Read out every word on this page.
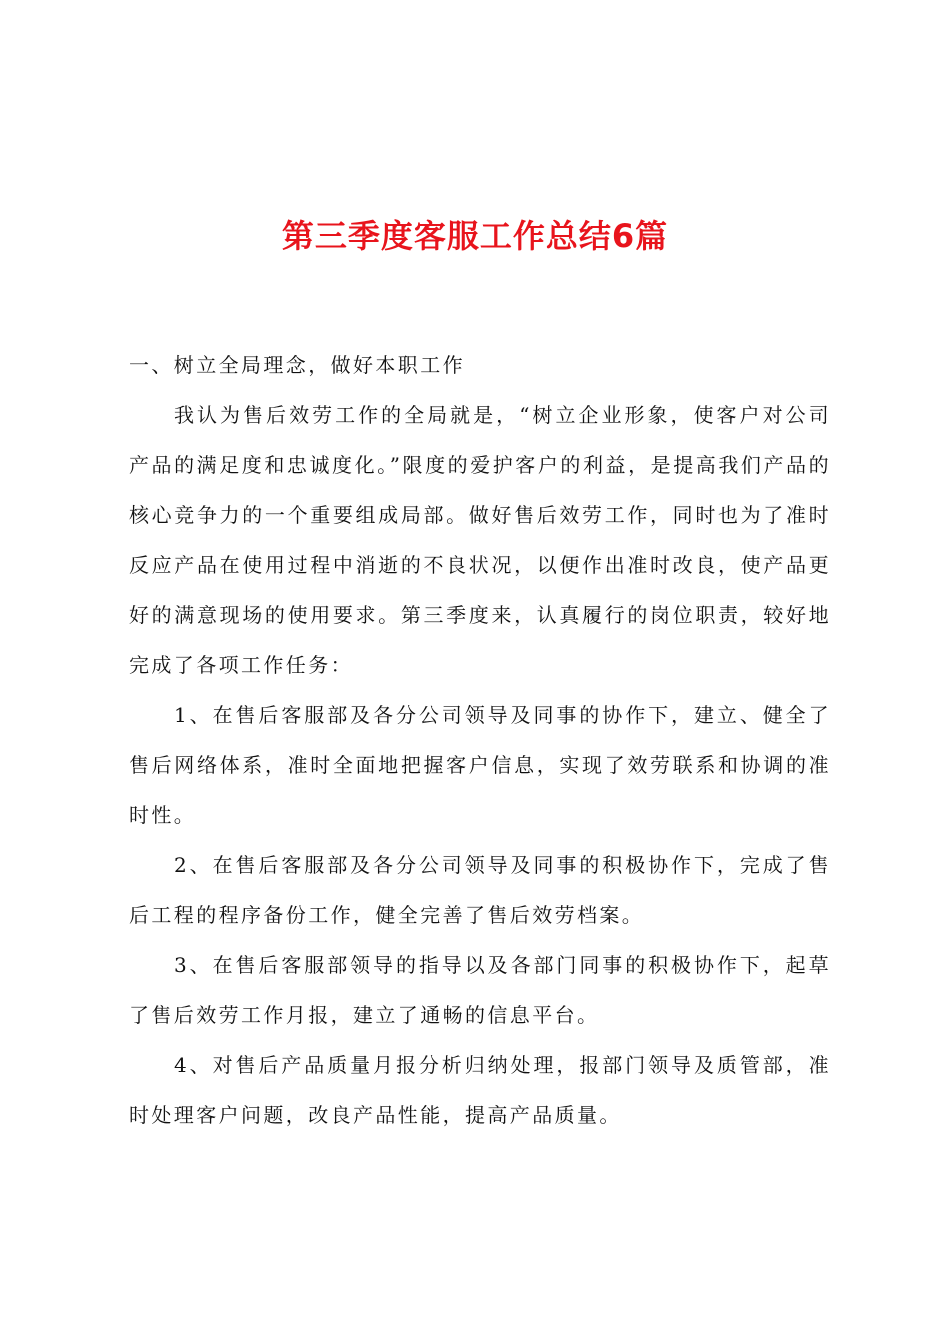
第三季度客服工作总结6篇

一、树立全局理念，做好本职工作

我认为售后效劳工作的全局就是，“树立企业形象，使客户对公司产品的满足度和忠诚度化。”限度的爱护客户的利益，是提高我们产品的核心竞争力的一个重要组成局部。做好售后效劳工作，同时也为了准时反应产品在使用过程中消逝的不良状况，以便作出准时改良，使产品更好的满意现场的使用要求。第三季度来，认真履行的岗位职责，较好地完成了各项工作任务：

1、在售后客服部及各分公司领导及同事的协作下，建立、健全了售后网络体系，准时全面地把握客户信息，实现了效劳联系和协调的准时性。

2、在售后客服部及各分公司领导及同事的积极协作下，完成了售后工程的程序备份工作，健全完善了售后效劳档案。

3、在售后客服部领导的指导以及各部门同事的积极协作下，起草了售后效劳工作月报，建立了通畅的信息平台。

4、对售后产品质量月报分析归纳处理，报部门领导及质管部，准时处理客户问题，改良产品性能，提高产品质量。
